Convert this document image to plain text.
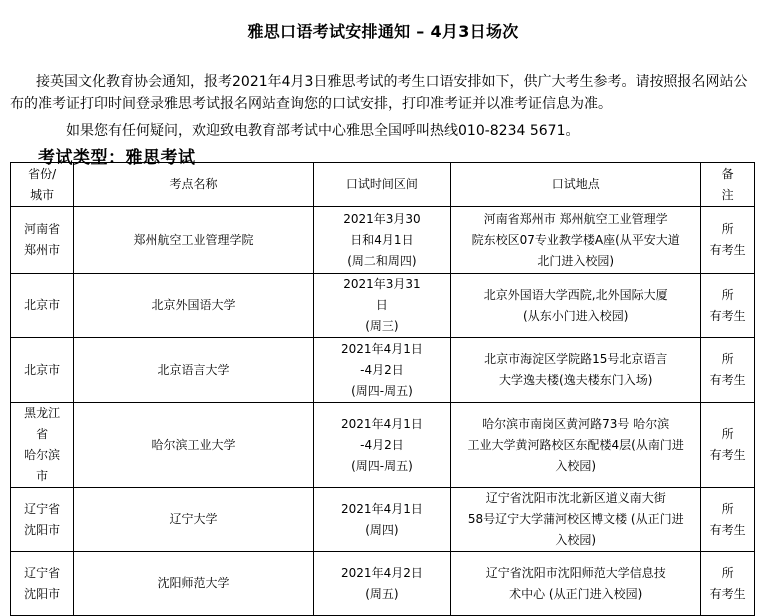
雅思口语考试安排通知 – 4月3日场次
接英国文化教育协会通知，报考2021年4月3日雅思考试的考生口语安排如下，供广大考生参考。请按照报名网站公布的准考证打印时间登录雅思考试报名网站查询您的口试安排，打印准考证并以准考证信息为准。
如果您有任何疑问，欢迎致电教育部考试中心雅思全国呼叫热线010-8234 5671。
考试类型：雅思考试
省份/
城市	考点名称	口试时间区间	口试地点	备
注

河南省
郑州市	郑州航空工业管理学院	2021年3月30
日和4月1日
(周二和周四)	河南省郑州市 郑州航空工业管理学
院东校区07专业教学楼A座(从平安大道
北门进入校园)	所
有考生

北京市	北京外国语大学	2021年3月31
日
(周三)	北京外国语大学西院,北外国际大厦
(从东小门进入校园)	所
有考生

北京市	北京语言大学	2021年4月1日
-4月2日
(周四-周五)	北京市海淀区学院路15号北京语言
大学逸夫楼(逸夫楼东门入场)	所
有考生

黑龙江
省
哈尔滨
市	哈尔滨工业大学	2021年4月1日
-4月2日
(周四-周五)	哈尔滨市南岗区黄河路73号 哈尔滨
工业大学黄河路校区东配楼4层(从南门进
入校园)	所
有考生

辽宁省
沈阳市	辽宁大学	2021年4月1日
(周四)	辽宁省沈阳市沈北新区道义南大街
58号辽宁大学蒲河校区博文楼 (从正门进
入校园)	所
有考生

辽宁省
沈阳市	沈阳师范大学	2021年4月2日
(周五)	辽宁省沈阳市沈阳师范大学信息技
术中心 (从正门进入校园)	所
有考生
